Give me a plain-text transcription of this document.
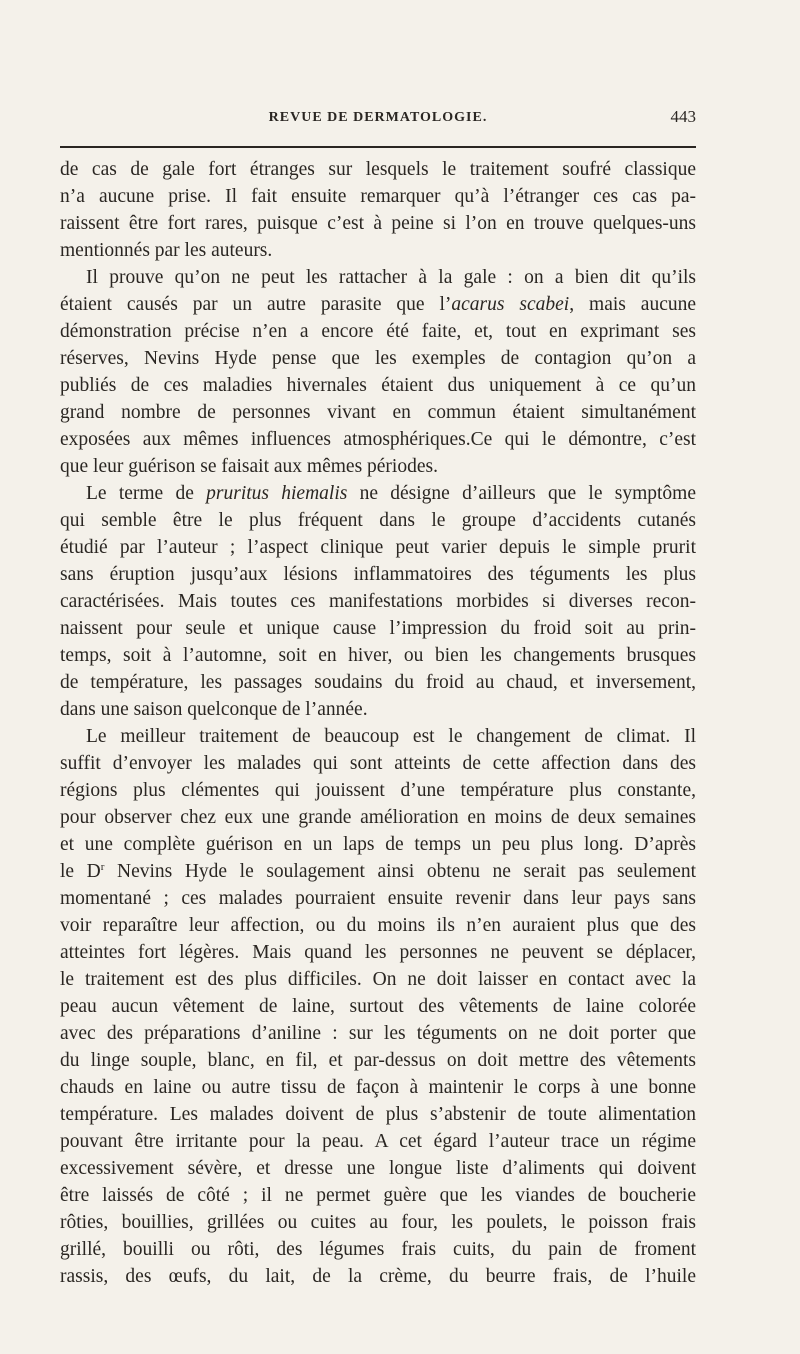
REVUE DE DERMATOLOGIE.	443
de cas de gale fort étranges sur lesquels le traitement soufré classique
n’a aucune prise. Il fait ensuite remarquer qu’à l’étranger ces cas pa-
raissent être fort rares, puisque c’est à peine si l’on en trouve quelques-uns
mentionnés par les auteurs.
Il prouve qu’on ne peut les rattacher à la gale : on a bien dit qu’ils
étaient causés par un autre parasite que l’acarus scabei, mais aucune
démonstration précise n’en a encore été faite, et, tout en exprimant ses
réserves, Nevins Hyde pense que les exemples de contagion qu’on a
publiés de ces maladies hivernales étaient dus uniquement à ce qu’un
grand nombre de personnes vivant en commun étaient simultanément
exposées aux mêmes influences atmosphériques.Ce qui le démontre, c’est
que leur guérison se faisait aux mêmes périodes.
Le terme de pruritus hiemalis ne désigne d’ailleurs que le symptôme
qui semble être le plus fréquent dans le groupe d’accidents cutanés
étudié par l’auteur ; l’aspect clinique peut varier depuis le simple prurit
sans éruption jusqu’aux lésions inflammatoires des téguments les plus
caractérisées. Mais toutes ces manifestations morbides si diverses recon-
naissent pour seule et unique cause l’impression du froid soit au prin-
temps, soit à l’automne, soit en hiver, ou bien les changements brusques
de température, les passages soudains du froid au chaud, et inversement,
dans une saison quelconque de l’année.
Le meilleur traitement de beaucoup est le changement de climat. Il
suffit d’envoyer les malades qui sont atteints de cette affection dans des
régions plus clémentes qui jouissent d’une température plus constante,
pour observer chez eux une grande amélioration en moins de deux semaines
et une complète guérison en un laps de temps un peu plus long. D’après
le $D^r$ Nevins Hyde le soulagement ainsi obtenu ne serait pas seulement
momentané ; ces malades pourraient ensuite revenir dans leur pays sans
voir reparaître leur affection, ou du moins ils n’en auraient plus que des
atteintes fort légères. Mais quand les personnes ne peuvent se déplacer,
le traitement est des plus difficiles. On ne doit laisser en contact avec la
peau aucun vêtement de laine, surtout des vêtements de laine colorée
avec des préparations d’aniline : sur les téguments on ne doit porter que
du linge souple, blanc, en fil, et par-dessus on doit mettre des vêtements
chauds en laine ou autre tissu de façon à maintenir le corps à une bonne
température. Les malades doivent de plus s’abstenir de toute alimentation
pouvant être irritante pour la peau. A cet égard l’auteur trace un régime
excessivement sévère, et dresse une longue liste d’aliments qui doivent
être laissés de côté ; il ne permet guère que les viandes de boucherie
rôties, bouillies, grillées ou cuites au four, les poulets, le poisson frais
grillé, bouilli ou rôti, des légumes frais cuits, du pain de froment
rassis, des œufs, du lait, de la crème, du beurre frais, de l’huile
